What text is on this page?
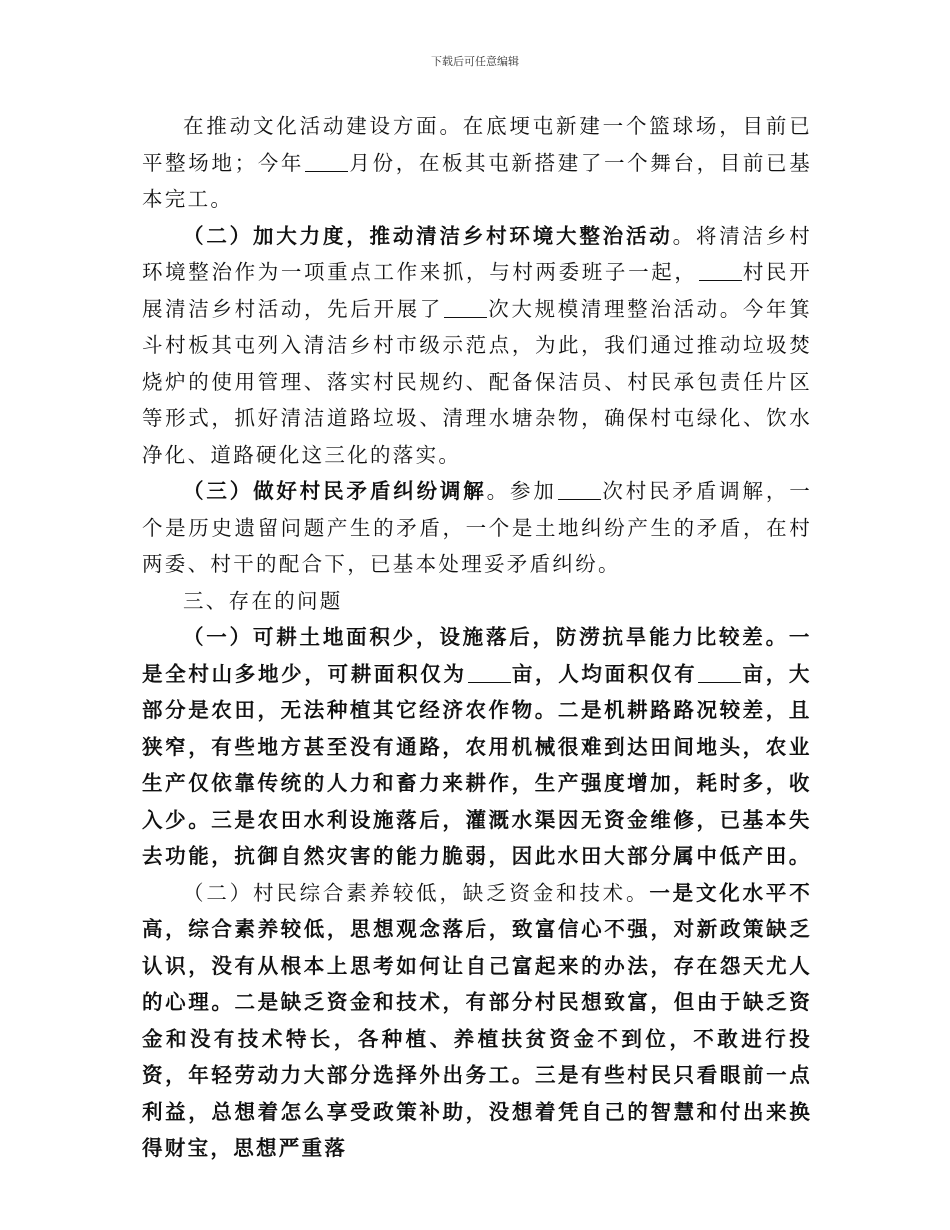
下载后可任意编辑

在推动文化活动建设方面。在底埂屯新建一个篮球场，目前已平整场地；今年 月份，在板其屯新搭建了一个舞台，目前已基本完工。

（二）加大力度，推动清洁乡村环境大整治活动。将清洁乡村环境整治作为一项重点工作来抓，与村两委班子一起， 村民开展清洁乡村活动，先后开展了 次大规模清理整治活动。今年箕斗村板其屯列入清洁乡村市级示范点，为此，我们通过推动垃圾焚烧炉的使用管理、落实村民规约、配备保洁员、村民承包责任片区等形式，抓好清洁道路垃圾、清理水塘杂物，确保村屯绿化、饮水净化、道路硬化这三化的落实。

（三）做好村民矛盾纠纷调解。参加 次村民矛盾调解，一个是历史遗留问题产生的矛盾，一个是土地纠纷产生的矛盾，在村两委、村干的配合下，已基本处理妥矛盾纠纷。

三、存在的问题

（一）可耕土地面积少，设施落后，防涝抗旱能力比较差。一是全村山多地少，可耕面积仅为 亩，人均面积仅有 亩，大部分是农田，无法种植其它经济农作物。二是机耕路路况较差，且狭窄，有些地方甚至没有通路，农用机械很难到达田间地头，农业生产仅依靠传统的人力和畜力来耕作，生产强度增加，耗时多，收入少。三是农田水利设施落后，灌溉水渠因无资金维修，已基本失去功能，抗御自然灾害的能力脆弱，因此水田大部分属中低产田。

（二）村民综合素养较低，缺乏资金和技术。一是文化水平不高，综合素养较低，思想观念落后，致富信心不强，对新政策缺乏认识，没有从根本上思考如何让自己富起来的办法，存在怨天尤人的心理。二是缺乏资金和技术，有部分村民想致富，但由于缺乏资金和没有技术特长，各种植、养植扶贫资金不到位，不敢进行投资，年轻劳动力大部分选择外出务工。三是有些村民只看眼前一点利益，总想着怎么享受政策补助，没想着凭自己的智慧和付出来换得财宝，思想严重落
